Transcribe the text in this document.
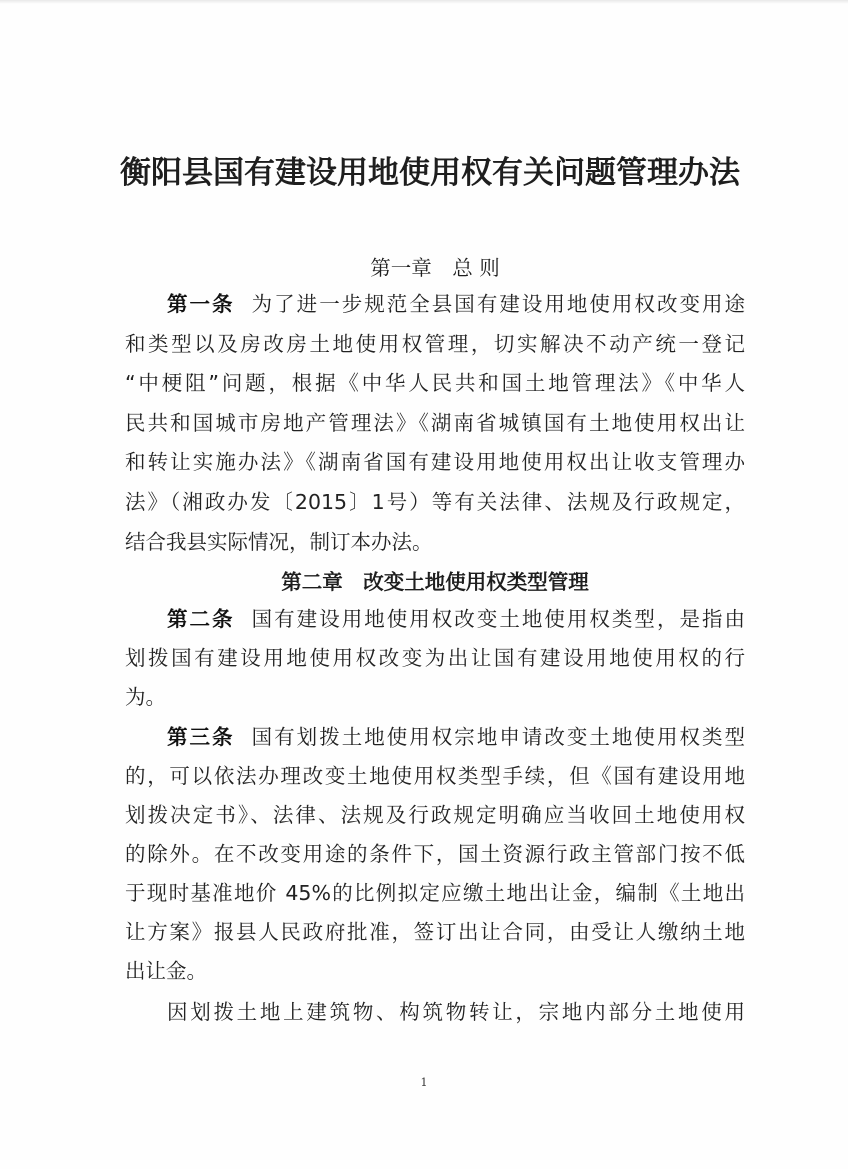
衡阳县国有建设用地使用权有关问题管理办法

第一章　总 则

第一条 为了进一步规范全县国有建设用地使用权改变用途

和类型以及房改房土地使用权管理，切实解决不动产统一登记

“中梗阻”问题，根据《中华人民共和国土地管理法》《中华人

民共和国城市房地产管理法》《湖南省城镇国有土地使用权出让

和转让实施办法》《湖南省国有建设用地使用权出让收支管理办

法》（湘政办发〔2015〕1号）等有关法律、法规及行政规定，

结合我县实际情况，制订本办法。

第二章　改变土地使用权类型管理

第二条 国有建设用地使用权改变土地使用权类型，是指由

划拨国有建设用地使用权改变为出让国有建设用地使用权的行

为。

第三条 国有划拨土地使用权宗地申请改变土地使用权类型

的，可以依法办理改变土地使用权类型手续，但《国有建设用地

划拨决定书》、法律、法规及行政规定明确应当收回土地使用权

的除外。在不改变用途的条件下，国土资源行政主管部门按不低

于现时基准地价 45%的比例拟定应缴土地出让金，编制《土地出

让方案》报县人民政府批准，签订出让合同，由受让人缴纳土地

出让金。

因划拨土地上建筑物、构筑物转让，宗地内部分土地使用

1
